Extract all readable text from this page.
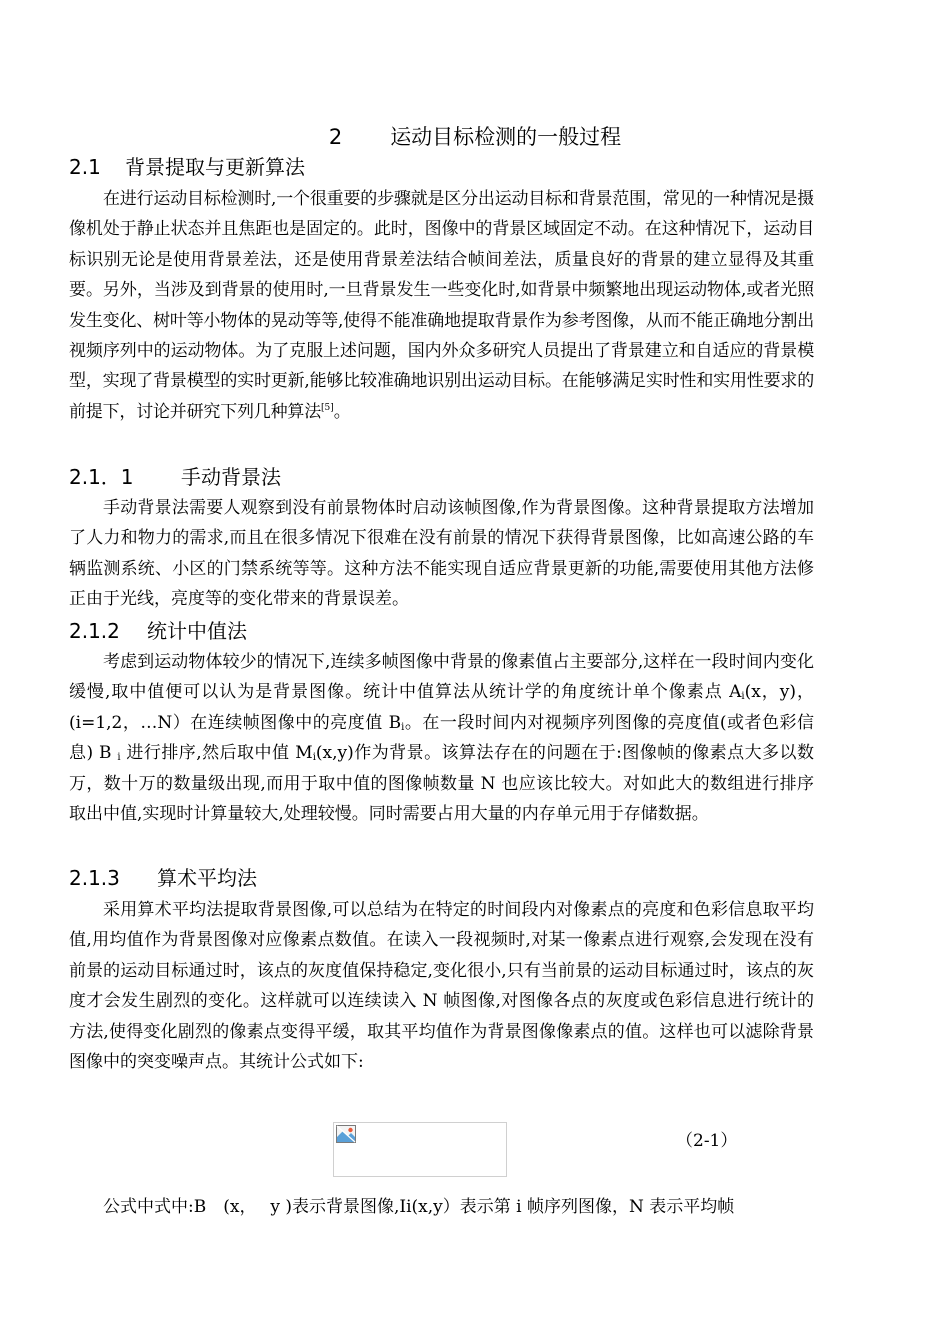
2 运动目标检测的一般过程
2.1 背景提取与更新算法

在进行运动目标检测时,一个很重要的步骤就是区分出运动目标和背景范围，常见的一种情况是摄像机处于静止状态并且焦距也是固定的。此时，图像中的背景区域固定不动。在这种情况下，运动目标识别无论是使用背景差法，还是使用背景差法结合帧间差法，质量良好的背景的建立显得及其重要。另外，当涉及到背景的使用时,一旦背景发生一些变化时,如背景中频繁地出现运动物体,或者光照发生变化、树叶等小物体的晃动等等,使得不能准确地提取背景作为参考图像，从而不能正确地分割出视频序列中的运动物体。为了克服上述问题，国内外众多研究人员提出了背景建立和自适应的背景模型，实现了背景模型的实时更新,能够比较准确地识别出运动目标。在能够满足实时性和实用性要求的前提下，讨论并研究下列几种算法[5]。

2.1．1 手动背景法

手动背景法需要人观察到没有前景物体时启动该帧图像,作为背景图像。这种背景提取方法增加了人力和物力的需求,而且在很多情况下很难在没有前景的情况下获得背景图像，比如高速公路的车辆监测系统、小区的门禁系统等等。这种方法不能实现自适应背景更新的功能,需要使用其他方法修正由于光线，亮度等的变化带来的背景误差。

2.1.2 统计中值法

考虑到运动物体较少的情况下,连续多帧图像中背景的像素值占主要部分,这样在一段时间内变化缓慢,取中值便可以认为是背景图像。统计中值算法从统计学的角度统计单个像素点 $A_i(x$，y)，(i=1,2，…N）在连续帧图像中的亮度值 $B_i$。在一段时间内对视频序列图像的亮度值(或者色彩信息) B $_i$ 进行排序,然后取中值 $M_i(x,y)$作为背景。该算法存在的问题在于:图像帧的像素点大多以数万，数十万的数量级出现,而用于取中值的图像帧数量 N 也应该比较大。对如此大的数组进行排序取出中值,实现时计算量较大,处理较慢。同时需要占用大量的内存单元用于存储数据。

2.1.3 算术平均法

采用算术平均法提取背景图像,可以总结为在特定的时间段内对像素点的亮度和色彩信息取平均值,用均值作为背景图像对应像素点数值。在读入一段视频时,对某一像素点进行观察,会发现在没有前景的运动目标通过时，该点的灰度值保持稳定,变化很小,只有当前景的运动目标通过时，该点的灰度才会发生剧烈的变化。这样就可以连续读入 N 帧图像,对图像各点的灰度或色彩信息进行统计的方法,使得变化剧烈的像素点变得平缓，取其平均值作为背景图像像素点的值。这样也可以滤除背景图像中的突变噪声点。其统计公式如下:

（2-1）
公式中式中:B　(x，　 y )表示背景图像,Ii(x,y）表示第 i 帧序列图像，N 表示平均帧
